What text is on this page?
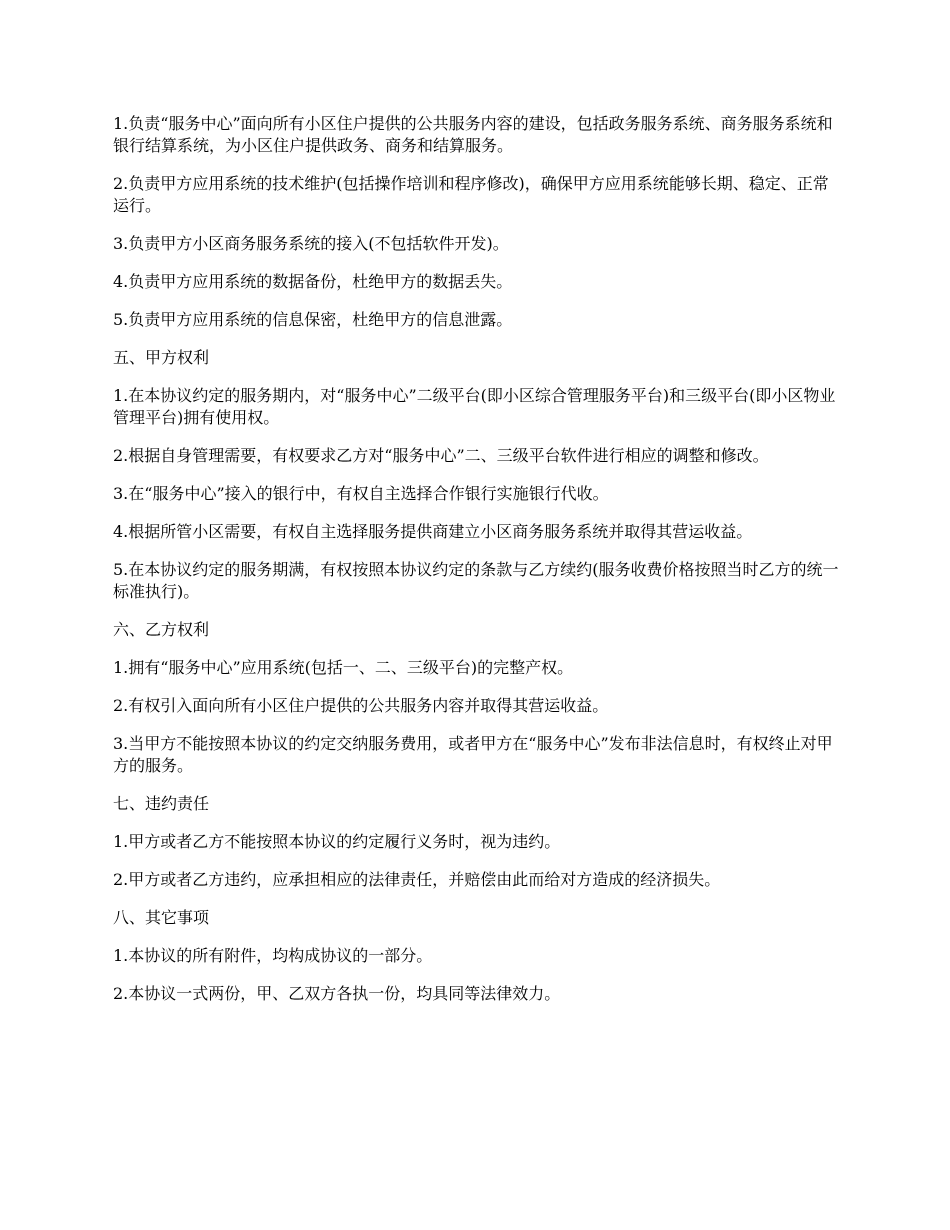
1.负责“服务中心”面向所有小区住户提供的公共服务内容的建设，包括政务服务系统、商务服务系统和银行结算系统，为小区住户提供政务、商务和结算服务。

2.负责甲方应用系统的技术维护(包括操作培训和程序修改)，确保甲方应用系统能够长期、稳定、正常运行。

3.负责甲方小区商务服务系统的接入(不包括软件开发)。

4.负责甲方应用系统的数据备份，杜绝甲方的数据丢失。

5.负责甲方应用系统的信息保密，杜绝甲方的信息泄露。

五、甲方权利

1.在本协议约定的服务期内，对“服务中心”二级平台(即小区综合管理服务平台)和三级平台(即小区物业管理平台)拥有使用权。

2.根据自身管理需要，有权要求乙方对“服务中心”二、三级平台软件进行相应的调整和修改。

3.在“服务中心”接入的银行中，有权自主选择合作银行实施银行代收。

4.根据所管小区需要，有权自主选择服务提供商建立小区商务服务系统并取得其营运收益。

5.在本协议约定的服务期满，有权按照本协议约定的条款与乙方续约(服务收费价格按照当时乙方的统一标准执行)。

六、乙方权利

1.拥有“服务中心”应用系统(包括一、二、三级平台)的完整产权。

2.有权引入面向所有小区住户提供的公共服务内容并取得其营运收益。

3.当甲方不能按照本协议的约定交纳服务费用，或者甲方在“服务中心”发布非法信息时，有权终止对甲方的服务。

七、违约责任

1.甲方或者乙方不能按照本协议的约定履行义务时，视为违约。

2.甲方或者乙方违约，应承担相应的法律责任，并赔偿由此而给对方造成的经济损失。

八、其它事项

1.本协议的所有附件，均构成协议的一部分。

2.本协议一式两份，甲、乙双方各执一份，均具同等法律效力。
